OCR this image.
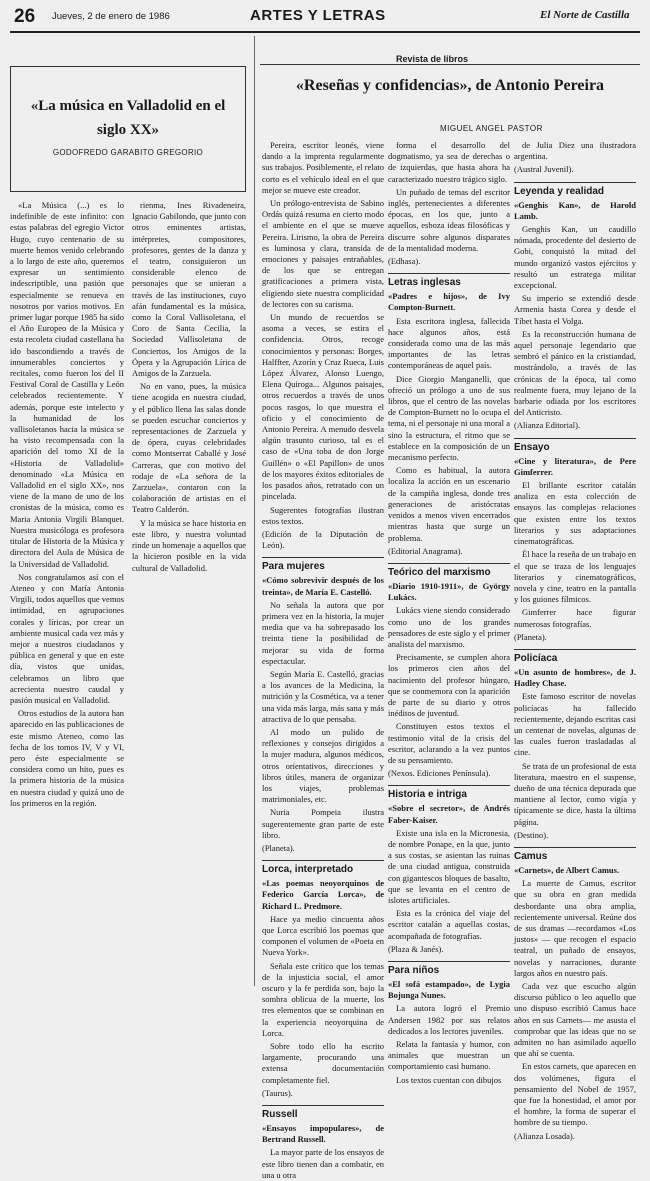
26 Jueves, 2 de enero de 1986	ARTES Y LETRAS	El Norte de Castilla
«La música en Valladolid en el siglo XX»
GODOFREDO GARABITO GREGORIO

«La Música (...) es lo indefinible de este infinito: con estas palabras del egregio Victor Hugo, cuyo centenario de su muerte hemos venido celebrando a lo largo de este año, queremos expresar un sentimiento indescriptible, una pasión que especialmente se renueva en nosotros por varios motivos. En primer lugar porque 1985 ha sido el Año Europeo de la Música y esta recoleta ciudad castellana ha ido bascondiendo a través de innumerables conciertos y recitales, como fueron los del II Festival Coral de Castilla y León celebrados recientemente. Y además, porque este intelecto y la humanidad de los vallisoletanos hacia la música se ha visto recompensada con la aparición del tomo XI de la «Historia de Valladolid» denominado «La Música en Valladolid en el siglo XX», nos viene de la mano de uno de los cronistas de la música, como es Maria Antonia Virgili Blanquet. Nuestra musicóloga es profesora titular de Historia de la Música y directora del Aula de Música de la Universidad de Valladolid.

Nos congratulamos así con el Ateneo y con María Antonia Virgili, todos aquellos que vemos intimidad, en agrupaciones corales y líricas, por crear un ambiente musical cada vez más y mejor a nuestros ciudadanos y pública en general y que en este día, vistos que unidas, celebramos un libro que acrecienta nuestro caudal y pasión musical en Valladolid.

Otros estudios de la autora han aparecido en las publicaciones de este mismo Ateneo, como las fecha de los tomos IV, V y VI, pero éste especialmente se considera como un hito, pues es la primera historia de la música en nuestra ciudad y quizá uno de los primeros en la región.

rienma, Ines Rivadeneira, Ignacio Gabilondo, que junto con otros eminentes artistas, intérpretes, compositores, profesores, gentes de la danza y el teatro, consiguieron un considerable elenco de personajes que se unieran a través de las instituciones, cuyo afán fundamental es la música, como la Coral Vallisoletana, el Coro de Santa Cecilia, la Sociedad Vallisoletana de Conciertos, los Amigos de la Ópera y la Agrupación Lírica de Amigos de la Zarzuela.

No en vano, pues, la música tiene acogida en nuestra ciudad, y el público llena las salas donde se pueden escuchar conciertos y representaciones de Zarzuela y de ópera, cuyas celebridades como Montserrat Caballé y José Carreras, que con motivo del rodaje de «La señora de la Zarzuela», contaron con la colaboración de artistas en el Teatro Calderón.

Y la música se hace historia en este libro, y nuestra voluntad rinde un homenaje a aquellos que la hicieron posible en la vida cultural de Valladolid.

Revista de libros
«Reseñas y confidencias», de Antonio Pereira
MIGUEL ANGEL PASTOR

Pereira, escritor leonés, viene dando a la imprenta regularmente sus trabajos. Posiblemente, el relato corto es el vehículo ideal en el que mejor se mueve este creador.

Un prólogo-entrevista de Sabino Ordás quizá resuma en cierto modo el ambiente en el que se mueve Pereira. Lirismo, la obra de Pereira es luminosa y clara, transida de emociones y paisajes entrañables, de los que se entregan gratificaciones a primera vista, eligiendo siete nuestra complicidad de lectores con su carisma.

Un mundo de recuerdos se asoma a veces, se estira el confidencia. Otros, recoge conocimientos y personas: Borges, Halffter, Azorín y Cruz Rueca, Luis López Álvarez, Alonso Luengo, Elena Quiroga... Algunos paisajes, otros recuerdos a través de unos pocos rasgos, lo que muestra el oficio y el conocimiento de Antonio Pereira. A menudo desvela algún trasunto curioso, tal es el caso de «Una toba de don Jorge Guillén» o «El Papillon» de unos de los mayores éxitos editoriales de los pasados años, retratado con un pincelada.

Sugerentes fotografías ilustran estos textos.

(Edición de la Diputación de León).

Para mujeres

«Cómo sobrevivir después de los treinta», de María E. Castelló.

No señala la autora que por primera vez en la historia, la mujer media que va ha sobrepasado los treinta tiene la posibilidad de mejorar su vida de forma espectacular.

Según María E. Castelló, gracias a los avances de la Medicina, la nutrición y la Cosmética, va a tener una vida más larga, más sana y más atractiva de lo que pensaba.

Al modo un pulido de reflexiones y consejos dirigidos a la mujer madura, algunos médicos, otros orientativos, direcciones y libros útiles, manera de organizar los viajes, problemas matrimoniales, etc.

Nuria Pompeia ilustra sugerentemente gran parte de este libro.

(Planeta).

Lorca, interpretado

«Las poemas neoyorquinos de Federico García Lorca», de Richard L. Predmore.

Hace ya medio cincuenta años que Lorca escribió los poemas que componen el volumen de «Poeta en Nueva York».

Señala este crítico que los temas de la injusticia social, el amor oscuro y la fe perdida son, bajo la sombra oblicua de la muerte, los tres elementos que se combinan en la experiencia neoyorquina de Lorca.

Sobre todo ello ha escrito largamente, procurando una extensa documentación completamente fiel.

(Taurus).

Russell

«Ensayos impopulares», de Bertrand Russell.

La mayor parte de los ensayos de este libro tienen dan a combatir, en una u otra

forma el desarrollo del dogmatismo, ya sea de derechas o de izquierdas, que hasta ahora ha caracterizado nuestro trágico siglo.

Un puñado de temas del escritor inglés, pertenecientes a diferentes épocas, en los que, junto a aquellos, esboza ideas filosóficas y discurre sobre algunos disparates de la mentalidad moderna.

(Edhasa).

Letras inglesas

«Padres e hijos», de Ivy Compton-Burnett.

Esta escritora inglesa, fallecida hace algunos años, está considerada como una de las más importantes de las letras contemporáneas de aquel país.

Dice Giorgio Manganelli, que ofreció un prólogo a uno de sus libros, que el centro de las novelas de Compton-Burnett no lo ocupa el tema, ni el personaje ni una moral a sino la estructura, el ritmo que se establece en la composición de un mecanismo perfecto.

Como es habitual, la autora localiza la acción en un escenario de la campiña inglesa, donde tres generaciones de aristócratas venidos a menos viven encerrados mientras hasta que surge un problema.

(Editorial Anagrama).

Teórico del marxismo

«Diario 1910-1911», de György Lukács.

Lukács viene siendo considerado como uno de los grandes pensadores de este siglo y el primer analista del marxismo.

Precisamente, se cumplen ahora los primeros cien años del nacimiento del profesor húngaro, que se conmemora con la aparición de parte de su diario y otros inéditos de juventud.

Constituyen estos textos el testimonio vital de la crisis del escritor, aclarando a la vez puntos de su pensamiento.

(Nexos. Ediciones Península).

Historia e intriga

«Sobre el secretor», de Andrés Faber-Kaiser.

Existe una isla en la Micronesia, de nombre Ponape, en la que, junto a sus costas, se asientan las ruinas de una ciudad antigua, construida con gigantescos bloques de basalto, que se levanta en el centro de islotes artificiales.

Esta es la crónica del viaje del escritor catalán a aquellas costas, acompañada de fotografías.

(Plaza & Janés).

Para niños

«El sofá estampado», de Lygia Bojunga Nunes.

La autora logró el Premio Andersen 1982 por sus relatos dedicados a los lectores juveniles.

Relata la fantasía y humor, con animales que muestran un comportamiento casi humano.

Los textos cuentan con dibujos

de Julia Diez una ilustradora argentina.

(Austral Juvenil).

Leyenda y realidad

«Genghis Kan», de Harold Lamb.

Genghis Kan, un caudillo nómada, procedente del desierto de Gobi, conquistó la mitad del mundo organizó vastos ejércitos y resultó un estratega militar excepcional.

Su imperio se extendió desde Armenia hasta Corea y desde el Tíbet hasta el Volga.

Es la reconstrucción humana de aquel personaje legendario que sembró el pánico en la cristiandad, mostrándolo, a través de las crónicas de la época, tal como realmente fuera, muy lejano de la barbarie odiada por los escritores del Anticristo.

(Alianza Editorial).

Ensayo

«Cine y literatura», de Pere Gimferrer.

El brillante escritor catalán analiza en esta colección de ensayos las complejas relaciones que existen entre los textos literarios y sus adaptaciones cinematográficas.

Él hace la reseña de un trabajo en el que se traza de los lenguajes literarios y cinematográficos, novela y cine, teatro en la pantalla y los guiones fílmicos.

Gimferrer hace figurar numerosas fotografías.

(Planeta).

Policíaca

«Un asunto de hombres», de J. Hadley Chase.

Este famoso escritor de novelas policíacas ha fallecido recientemente, dejando escritas casi un centenar de novelas, algunas de las cuales fueron trasladadas al cine.

Se trata de un profesional de esta literatura, maestro en el suspense, dueño de una técnica depurada que mantiene al lector, como vigía y típicamente se dice, hasta la última página.

(Destino).

Camus

«Carnets», de Albert Camus.

La muerte de Camus, escritor que su obra en gran medida desbordante una obra amplia, recientemente universal. Reúne dos de sus dramas —recordamos «Los justos» — que recogen el espacio teatral, un puñado de ensayos, novelas y narraciones, durante largos años en nuestro país.

Cada vez que escucho algún discurso público o leo aquello que uno dispuso escribió Camus hace años en sus Carnets— me asusta el comprobar que las ideas que no se admiten no han asimilado aquello que ahí se cuenta.

En estos carnets, que aparecen en dos volúmenes, figura el pensamiento del Nobel de 1957, que fue la honestidad, el amor por el hombre, la forma de superar el hombre de su tiempo.

(Alianza Losada).
